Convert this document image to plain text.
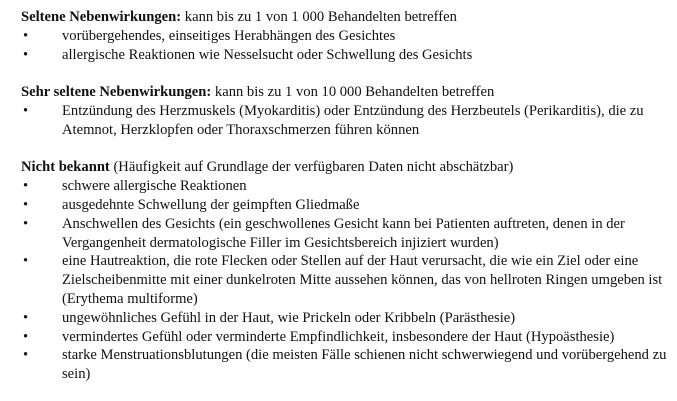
Seltene Nebenwirkungen: kann bis zu 1 von 1 000 Behandelten betreffen

•	vorübergehendes, einseitiges Herabhängen des Gesichtes
•	allergische Reaktionen wie Nesselsucht oder Schwellung des Gesichts

Sehr seltene Nebenwirkungen: kann bis zu 1 von 10 000 Behandelten betreffen

•	Entzündung des Herzmuskels (Myokarditis) oder Entzündung des Herzbeutels (Perikarditis), die zu Atemnot, Herzklopfen oder Thoraxschmerzen führen können

Nicht bekannt (Häufigkeit auf Grundlage der verfügbaren Daten nicht abschätzbar)

•	schwere allergische Reaktionen
•	ausgedehnte Schwellung der geimpften Gliedmaße
•	Anschwellen des Gesichts (ein geschwollenes Gesicht kann bei Patienten auftreten, denen in der Vergangenheit dermatologische Filler im Gesichtsbereich injiziert wurden)
•	eine Hautreaktion, die rote Flecken oder Stellen auf der Haut verursacht, die wie ein Ziel oder eine Zielscheibenmitte mit einer dunkelroten Mitte aussehen können, das von hellroten Ringen umgeben ist (Erythema multiforme)
•	ungewöhnliches Gefühl in der Haut, wie Prickeln oder Kribbeln (Parästhesie)
•	vermindertes Gefühl oder verminderte Empfindlichkeit, insbesondere der Haut (Hypoästhesie)
•	starke Menstruationsblutungen (die meisten Fälle schienen nicht schwerwiegend und vorübergehend zu sein)
